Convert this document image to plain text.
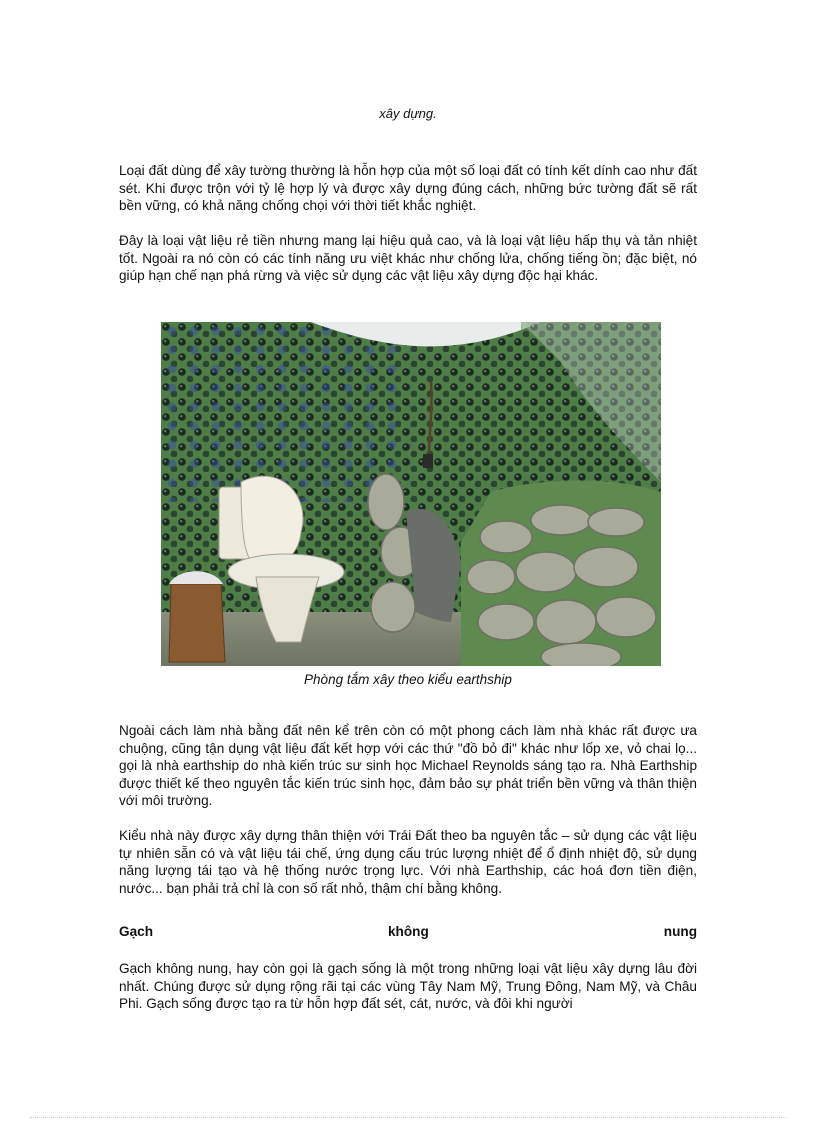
xây dựng.

Loại đất dùng để xây tường thường là hỗn hợp của một số loại đất có tính kết dính cao như đất sét. Khi được trộn với tỷ lệ hợp lý và được xây dựng đúng cách, những bức tường đất sẽ rất bền vững, có khả năng chống chọi với thời tiết khắc nghiệt.

Đây là loại vật liệu rẻ tiền nhưng mang lại hiệu quả cao, và là loại vật liệu hấp thụ và tản nhiệt tốt. Ngoài ra nó còn có các tính năng ưu việt khác như chống lửa, chống tiếng ồn; đặc biệt, nó giúp hạn chế nạn phá rừng và việc sử dụng các vật liệu xây dựng độc hại khác.

Ngoài cách làm nhà bằng đất nên kể trên còn có một phong cách làm nhà khác rất được ưa chuộng, cũng tận dụng vật liệu đất kết hợp với các thứ "đồ bỏ đi" khác như lốp xe, vỏ chai lọ... gọi là nhà earthship do nhà kiến trúc sư sinh học Michael Reynolds sáng tạo ra. Nhà Earthship được thiết kế theo nguyên tắc kiến trúc sinh học, đảm bảo sự phát triển bền vững và thân thiện với môi trường.

Kiểu nhà này được xây dựng thân thiện với Trái Đất theo ba nguyên tắc – sử dụng các vật liệu tự nhiên sẵn có và vật liệu tái chế, ứng dụng cấu trúc lượng nhiệt để ổ định nhiệt độ, sử dụng năng lượng tái tạo và hệ thống nước trọng lực. Với nhà Earthship, các hoá đơn tiền điện, nước... bạn phải trả chỉ là con số rất nhỏ, thậm chí bằng không.

Gạch	không	nung

Gạch không nung, hay còn gọi là gạch sống là một trong những loại vật liệu xây dựng lâu đời nhất. Chúng được sử dụng rộng rãi tại các vùng Tây Nam Mỹ, Trung Đông, Nam Mỹ, và Châu Phi. Gạch sống được tạo ra từ hỗn hợp đất sét, cát, nước, và đôi khi người

Phòng tắm xây theo kiểu earthship
